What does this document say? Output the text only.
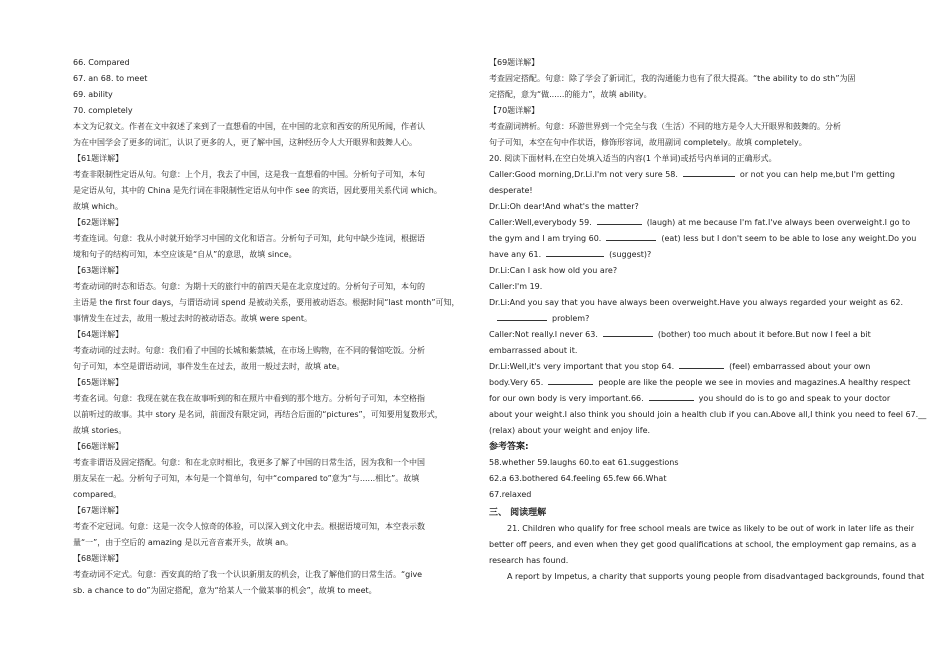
66. Compared
67. an 68. to meet
69. ability
70. completely
本文为记叙文。作者在文中叙述了来到了一直想看的中国，在中国的北京和西安的所见所闻，作者认
为在中国学会了更多的词汇，认识了更多的人，更了解中国，这种经历令人大开眼界和鼓舞人心。
【61题详解】
考查非限制性定语从句。句意：上个月，我去了中国，这是我一直想看的中国。分析句子可知，本句
是定语从句，其中的 China 是先行词在非限制性定语从句中作 see 的宾语，因此要用关系代词 which。
故填 which。
【62题详解】
考查连词。句意：我从小时就开始学习中国的文化和语言。分析句子可知，此句中缺少连词，根据语
境和句子的结构可知，本空应该是“自从”的意思，故填 since。
【63题详解】
考查动词的时态和语态。句意：为期十天的旅行中的前四天是在北京度过的。分析句子可知，本句的
主语是 the first four days，与谓语动词 spend 是被动关系，要用被动语态。根据时间“last month”可知，
事情发生在过去，故用一般过去时的被动语态。故填 were spent。
【64题详解】
考查动词的过去时。句意：我们看了中国的长城和紫禁城，在市场上购物，在不同的餐馆吃饭。分析
句子可知，本空是谓语动词，事件发生在过去，故用一般过去时，故填 ate。
【65题详解】
考查名词。句意：我现在就在我在故事听到的和在照片中看到的那个地方。分析句子可知，本空格指
以前听过的故事。其中 story 是名词，前面没有限定词，再结合后面的“pictures”，可知要用复数形式，
故填 stories。
【66题详解】
考查非谓语及固定搭配。句意：和在北京时相比，我更多了解了中国的日常生活，因为我和一个中国
朋友呆在一起。分析句子可知，本句是一个简单句，句中“compared to”意为“与......相比”。故填
compared。
【67题详解】
考查不定冠词。句意：这是一次令人惊奇的体验，可以深入到文化中去。根据语境可知，本空表示数
量“一”，由于空后的 amazing 是以元音音素开头，故填 an。
【68题详解】
考查动词不定式。句意：西安真的给了我一个认识新朋友的机会，让我了解他们的日常生活。“give
sb. a chance to do”为固定搭配，意为“给某人一个做某事的机会”，故填 to meet。
【69题详解】
考查固定搭配。句意：除了学会了新词汇，我的沟通能力也有了很大提高。“the ability to do sth”为固
定搭配，意为“做......的能力”，故填 ability。
【70题详解】
考查副词辨析。句意：环游世界到一个完全与我（生活）不同的地方是令人大开眼界和鼓舞的。分析
句子可知，本空在句中作状语，修饰形容词，故用副词 completely。故填 completely。
20. 阅读下面材料,在空白处填入适当的内容(1 个单词)或括号内单词的正确形式。
Caller:Good morning,Dr.Li.I'm not very sure 58.	or not you can help me,but I'm getting
desperate!
Dr.Li:Oh dear!And what's the matter?
Caller:Well,everybody 59.	(laugh) at me because I'm fat.I've always been overweight.I go to
the gym and I am trying 60.	(eat) less but I don't seem to be able to lose any weight.Do you
have any 61.	(suggest)?
Dr.Li:Can I ask how old you are?
Caller:I'm 19.
Dr.Li:And you say that you have always been overweight.Have you always regarded your weight as 62.
problem?
Caller:Not really.I never 63.	(bother) too much about it before.But now I feel a bit
embarrassed about it.
Dr.Li:Well,it's very important that you stop 64.	(feel) embarrassed about your own
body.Very 65.	people are like the people we see in movies and magazines.A healthy respect
for our own body is very important.66.	you should do is to go and speak to your doctor
about your weight.I also think you should join a health club if you can.Above all,I think you need to feel 67.__
(relax) about your weight and enjoy life.
参考答案:
58.whether 59.laughs 60.to eat 61.suggestions
62.a 63.bothered 64.feeling 65.few 66.What
67.relaxed
三、 阅读理解
21. Children who qualify for free school meals are twice as likely to be out of work in later life as their
better off peers, and even when they get good qualifications at school, the employment gap remains, as a
research has found.
A report by Impetus, a charity that supports young people from disadvantaged backgrounds, found that
